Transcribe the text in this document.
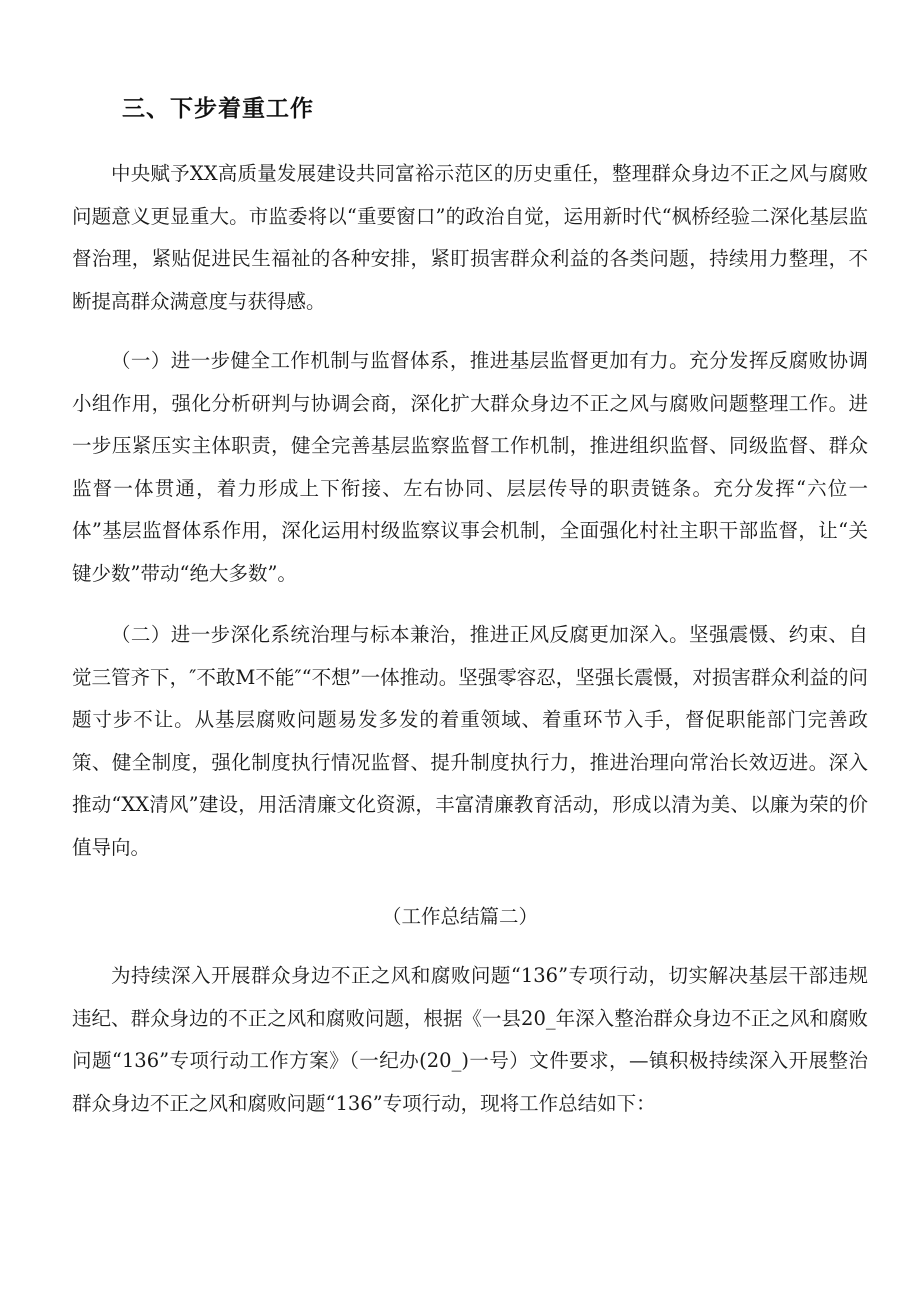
三、下步着重工作

中央赋予XX高质量发展建设共同富裕示范区的历史重任，整理群众身边不正之风与腐败问题意义更显重大。市监委将以“重要窗口”的政治自觉，运用新时代“枫桥经验二深化基层监督治理，紧贴促进民生福祉的各种安排，紧盯损害群众利益的各类问题，持续用力整理，不断提高群众满意度与获得感。

（一）进一步健全工作机制与监督体系，推进基层监督更加有力。充分发挥反腐败协调小组作用，强化分析研判与协调会商，深化扩大群众身边不正之风与腐败问题整理工作。进一步压紧压实主体职责，健全完善基层监察监督工作机制，推进组织监督、同级监督、群众监督一体贯通，着力形成上下衔接、左右协同、层层传导的职责链条。充分发挥“六位一体”基层监督体系作用，深化运用村级监察议事会机制，全面强化村社主职干部监督，让“关键少数”带动“绝大多数”。

（二）进一步深化系统治理与标本兼治，推进正风反腐更加深入。坚强震慑、约束、自觉三管齐下，″不敢M不能″“不想”一体推动。坚强零容忍，坚强长震慑，对损害群众利益的问题寸步不让。从基层腐败问题易发多发的着重领域、着重环节入手，督促职能部门完善政策、健全制度，强化制度执行情况监督、提升制度执行力，推进治理向常治长效迈进。深入推动“XX清风”建设，用活清廉文化资源，丰富清廉教育活动，形成以清为美、以廉为荣的价值导向。

（工作总结篇二）

为持续深入开展群众身边不正之风和腐败问题“136”专项行动，切实解决基层干部违规违纪、群众身边的不正之风和腐败问题，根据《一县20_年深入整治群众身边不正之风和腐败问题“136”专项行动工作方案》（一纪办(20_)一号）文件要求，—镇积极持续深入开展整治群众身边不正之风和腐败问题“136”专项行动，现将工作总结如下：
